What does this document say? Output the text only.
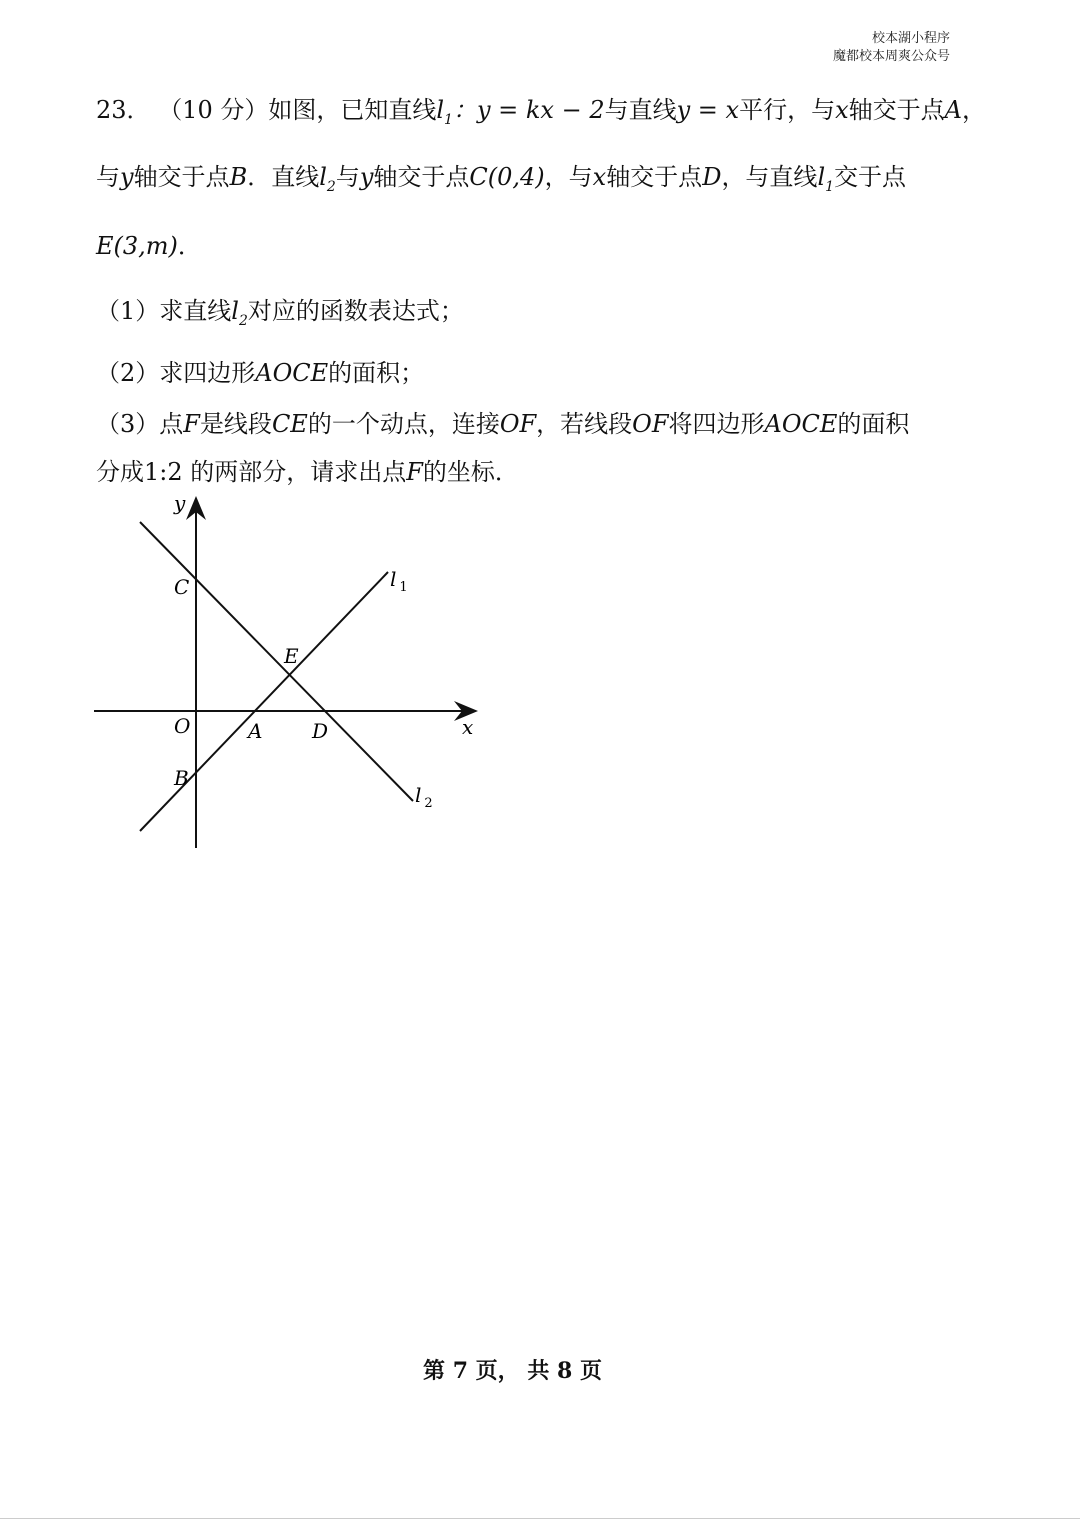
校本湖小程序
魔都校本周爽公众号
23． （10 分）如图，已知直线$l_1$：y = kx − 2与直线y = x平行，与x轴交于点A，
与y轴交于点B．直线$l_2$与y轴交于点C(0,4)，与x轴交于点D，与直线$l_1$交于点
E(3,m)．
（1）求直线$l_2$对应的函数表达式；
（2）求四边形AOCE的面积；
（3）点F是线段CE的一个动点，连接OF，若线段OF将四边形AOCE的面积
分成1:2 的两部分，请求出点F的坐标．
y
x
O	A D
B
C
E
l $_1$
l $_2$
第 7 页， 共 8 页
